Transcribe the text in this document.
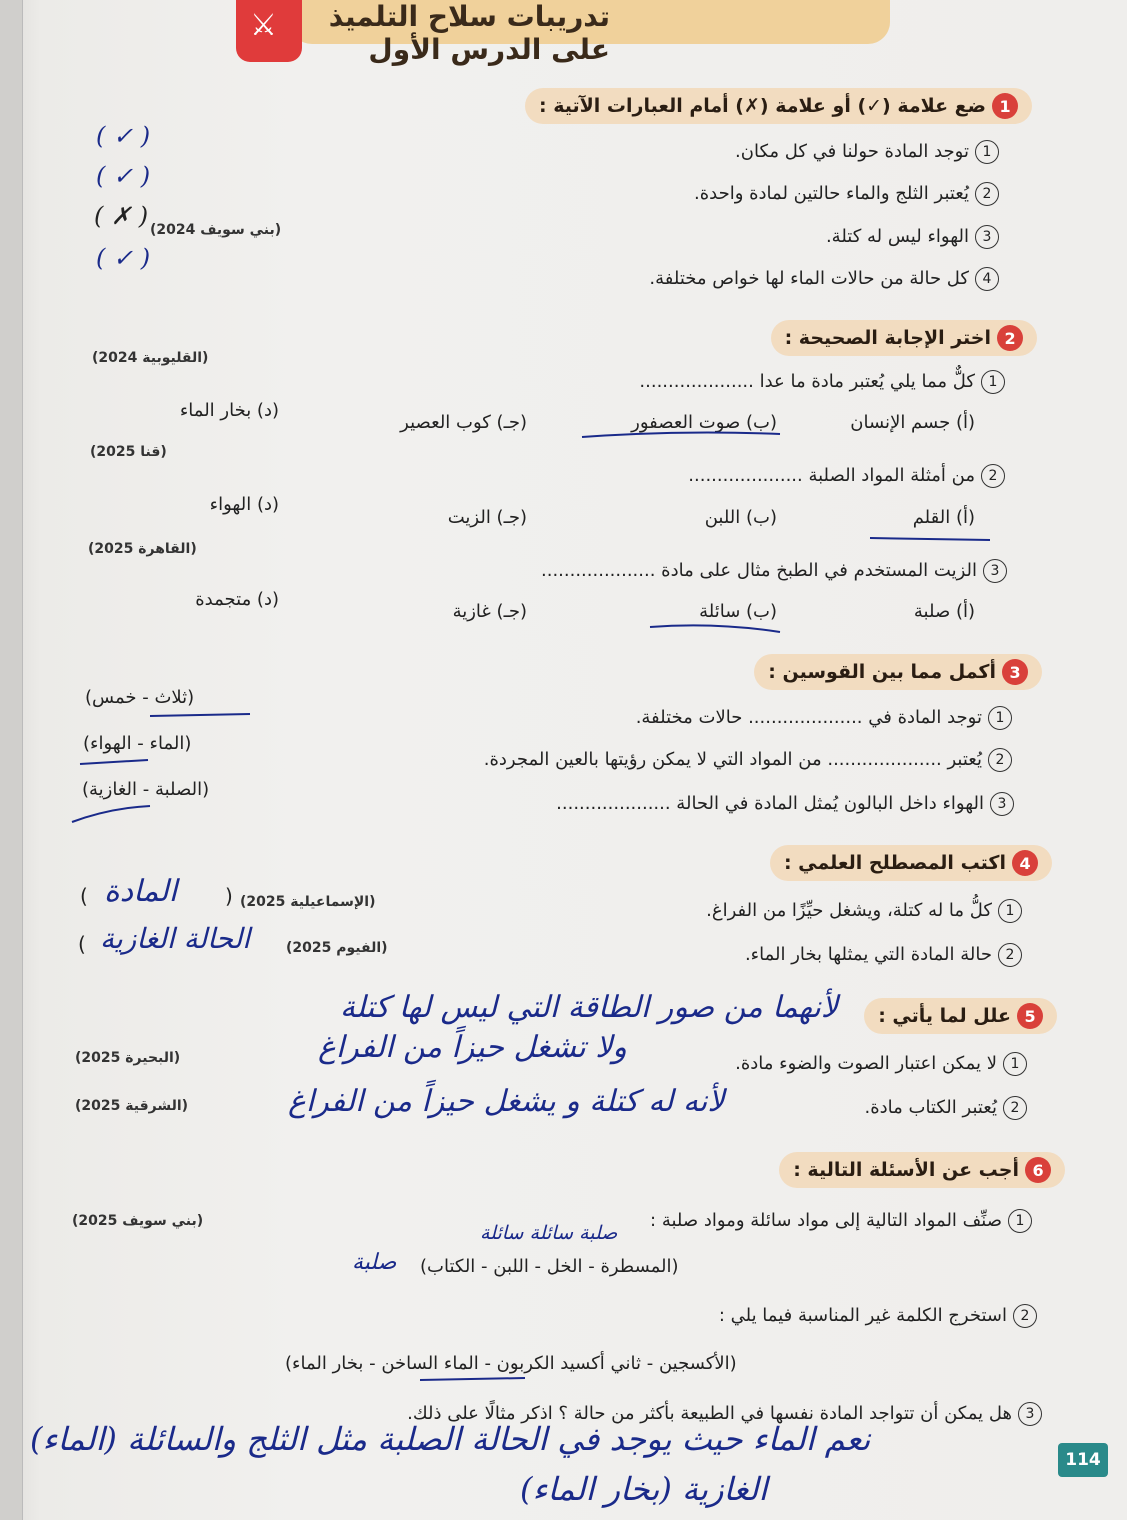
تدريبات سلاح التلميذ على الدرس الأول
⚔
1
ضع علامة (✓) أو علامة (✗) أمام العبارات الآتية :
1توجد المادة حولنا في كل مكان.
2يُعتبر الثلج والماء حالتين لمادة واحدة.
3الهواء ليس له كتلة.
4كل حالة من حالات الماء لها خواص مختلفة.
( ✓ )
( ✓ )
(بني سويف 2024)
( ✗ )
( ✓ )
2
اختر الإجابة الصحيحة :
1كلٌّ مما يلي يُعتبر مادة ما عدا ....................
(القليوبية 2024)
(أ) جسم الإنسان
(ب) صوت العصفور
(جـ) كوب العصير
(د) بخار الماء
2من أمثلة المواد الصلبة ....................
(قنا 2025)
(أ) القلم
(ب) اللبن
(جـ) الزيت
(د) الهواء
3الزيت المستخدم في الطبخ مثال على مادة ....................
(القاهرة 2025)
(أ) صلبة
(ب) سائلة
(جـ) غازية
(د) متجمدة
3
أكمل مما بين القوسين :
1توجد المادة في .................... حالات مختلفة.
2يُعتبر .................... من المواد التي لا يمكن رؤيتها بالعين المجردة.
3الهواء داخل البالون يُمثل المادة في الحالة ....................
(ثلاث - خمس)
(الماء - الهواء)
(الصلبة - الغازية)
4
اكتب المصطلح العلمي :
1كلُّ ما له كتلة، ويشغل حيِّزًا من الفراغ.
2حالة المادة التي يمثلها بخار الماء.
(الإسماعيلية 2025)
(الفيوم 2025)
المادة
الحالة الغازية
(	)
(
5
علل لما يأتي :
لأنهما من صور الطاقة التي ليس لها كتلة
1لا يمكن اعتبار الصوت والضوء مادة.
ولا تشغل حيزاً من الفراغ
(البحيرة 2025)
2يُعتبر الكتاب مادة.
لأنه له كتلة و يشغل حيزاً من الفراغ
(الشرقية 2025)
6
أجب عن الأسئلة التالية :
1صنِّف المواد التالية إلى مواد سائلة ومواد صلبة :
(بني سويف 2025)
صلبة سائلة سائلة
(المسطرة - الخل - اللبن - الكتاب)
صلبة
2استخرج الكلمة غير المناسبة فيما يلي :
(الأكسجين - ثاني أكسيد الكربون - الماء الساخن - بخار الماء)
3هل يمكن أن تتواجد المادة نفسها في الطبيعة بأكثر من حالة ؟ اذكر مثالًا على ذلك.
نعم الماء حيث يوجد في الحالة الصلبة مثل الثلج والسائلة (الماء)
الغازية (بخار الماء)
114
